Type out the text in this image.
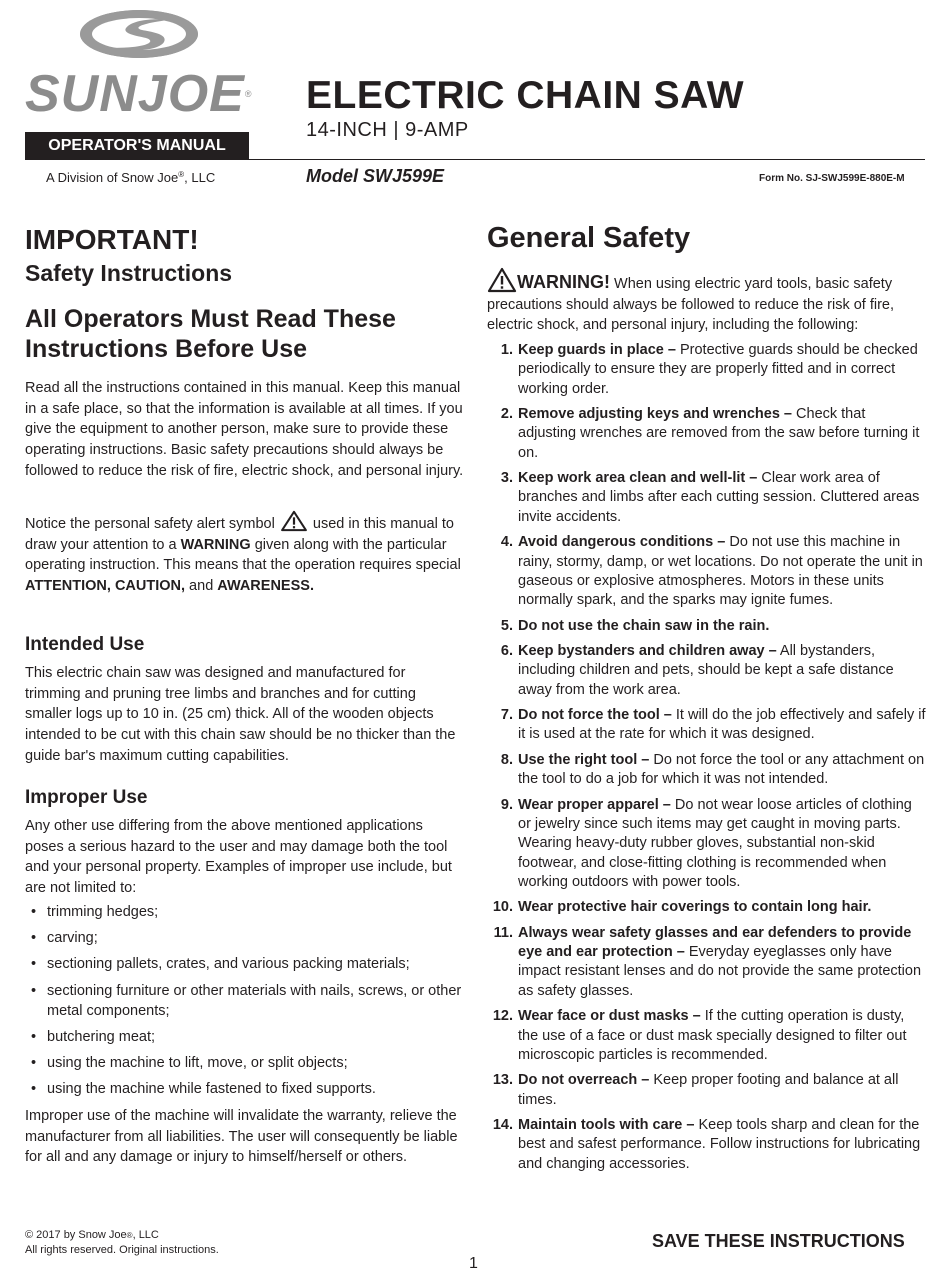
SUNJOE®
OPERATOR'S MANUAL
A Division of Snow Joe®, LLC
ELECTRIC CHAIN SAW
14-INCH | 9-AMP
Model SWJ599E	Form No. SJ-SWJ599E-880E-M
IMPORTANT!
Safety Instructions
All Operators Must Read These Instructions Before Use
Read all the instructions contained in this manual. Keep this manual in a safe place, so that the information is available at all times. If you give the equipment to another person, make sure to provide these operating instructions. Basic safety precautions should always be followed to reduce the risk of fire, electric shock, and personal injury.
Notice the personal safety alert symbol  used in this manual to draw your attention to a WARNING given along with the particular operating instruction. This means that the operation requires special ATTENTION, CAUTION, and AWARENESS.
Intended Use
This electric chain saw was designed and manufactured for trimming and pruning tree limbs and branches and for cutting smaller logs up to 10 in. (25 cm) thick. All of the wooden objects intended to be cut with this chain saw should be no thicker than the guide bar's maximum cutting capabilities.
Improper Use
Any other use differing from the above mentioned applications poses a serious hazard to the user and may damage both the tool and your personal property. Examples of improper use include, but are not limited to:
• trimming hedges;
• carving;
• sectioning pallets, crates, and various packing materials;
• sectioning furniture or other materials with nails, screws, or other metal components;
• butchering meat;
• using the machine to lift, move, or split objects;
• using the machine while fastened to fixed supports.
Improper use of the machine will invalidate the warranty, relieve the manufacturer from all liabilities. The user will consequently be liable for all and any damage or injury to himself/herself or others.
General Safety
WARNING! When using electric yard tools, basic safety precautions should always be followed to reduce the risk of fire, electric shock, and personal injury, including the following:
1. Keep guards in place – Protective guards should be checked periodically to ensure they are properly fitted and in correct working order.
2. Remove adjusting keys and wrenches – Check that adjusting wrenches are removed from the saw before turning it on.
3. Keep work area clean and well-lit – Clear work area of branches and limbs after each cutting session. Cluttered areas invite accidents.
4. Avoid dangerous conditions – Do not use this machine in rainy, stormy, damp, or wet locations. Do not operate the unit in gaseous or explosive atmospheres. Motors in these units normally spark, and the sparks may ignite fumes.
5. Do not use the chain saw in the rain.
6. Keep bystanders and children away – All bystanders, including children and pets, should be kept a safe distance away from the work area.
7. Do not force the tool – It will do the job effectively and safely if it is used at the rate for which it was designed.
8. Use the right tool – Do not force the tool or any attachment on the tool to do a job for which it was not intended.
9. Wear proper apparel – Do not wear loose articles of clothing or jewelry since such items may get caught in moving parts. Wearing heavy-duty rubber gloves, substantial non-skid footwear, and close-fitting clothing is recommended when working outdoors with power tools.
10. Wear protective hair coverings to contain long hair.
11. Always wear safety glasses and ear defenders to provide eye and ear protection – Everyday eyeglasses only have impact resistant lenses and do not provide the same protection as safety glasses.
12. Wear face or dust masks – If the cutting operation is dusty, the use of a face or dust mask specially designed to filter out microscopic particles is recommended.
13. Do not overreach – Keep proper footing and balance at all times.
14. Maintain tools with care – Keep tools sharp and clean for the best and safest performance. Follow instructions for lubricating and changing accessories.
© 2017 by Snow Joe®, LLC
All rights reserved. Original instructions.	SAVE THESE INSTRUCTIONS
1
